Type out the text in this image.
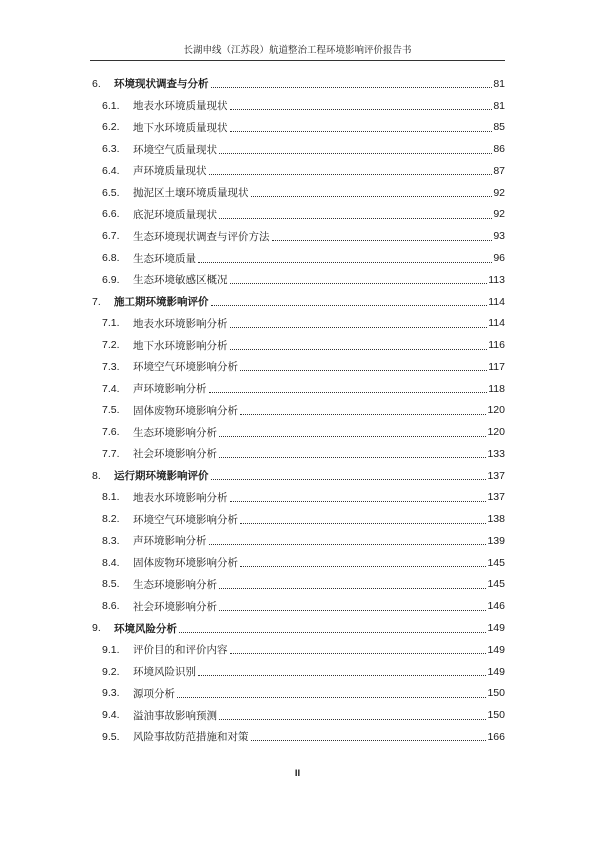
长湖申线（江苏段）航道整治工程环境影响评价报告书
6.	环境现状调查与分析	81
6.1.	地表水环境质量现状	81
6.2.	地下水环境质量现状	85
6.3.	环境空气质量现状	86
6.4.	声环境质量现状	87
6.5.	抛泥区土壤环境质量现状	92
6.6.	底泥环境质量现状	92
6.7.	生态环境现状调查与评价方法	93
6.8.	生态环境质量	96
6.9.	生态环境敏感区概况	113
7.	施工期环境影响评价	114
7.1.	地表水环境影响分析	114
7.2.	地下水环境影响分析	116
7.3.	环境空气环境影响分析	117
7.4.	声环境影响分析	118
7.5.	固体废物环境影响分析	120
7.6.	生态环境影响分析	120
7.7.	社会环境影响分析	133
8.	运行期环境影响评价	137
8.1.	地表水环境影响分析	137
8.2.	环境空气环境影响分析	138
8.3.	声环境影响分析	139
8.4.	固体废物环境影响分析	145
8.5.	生态环境影响分析	145
8.6.	社会环境影响分析	146
9.	环境风险分析	149
9.1.	评价目的和评价内容	149
9.2.	环境风险识别	149
9.3.	源项分析	150
9.4.	溢油事故影响预测	150
9.5.	风险事故防范措施和对策	166
II
